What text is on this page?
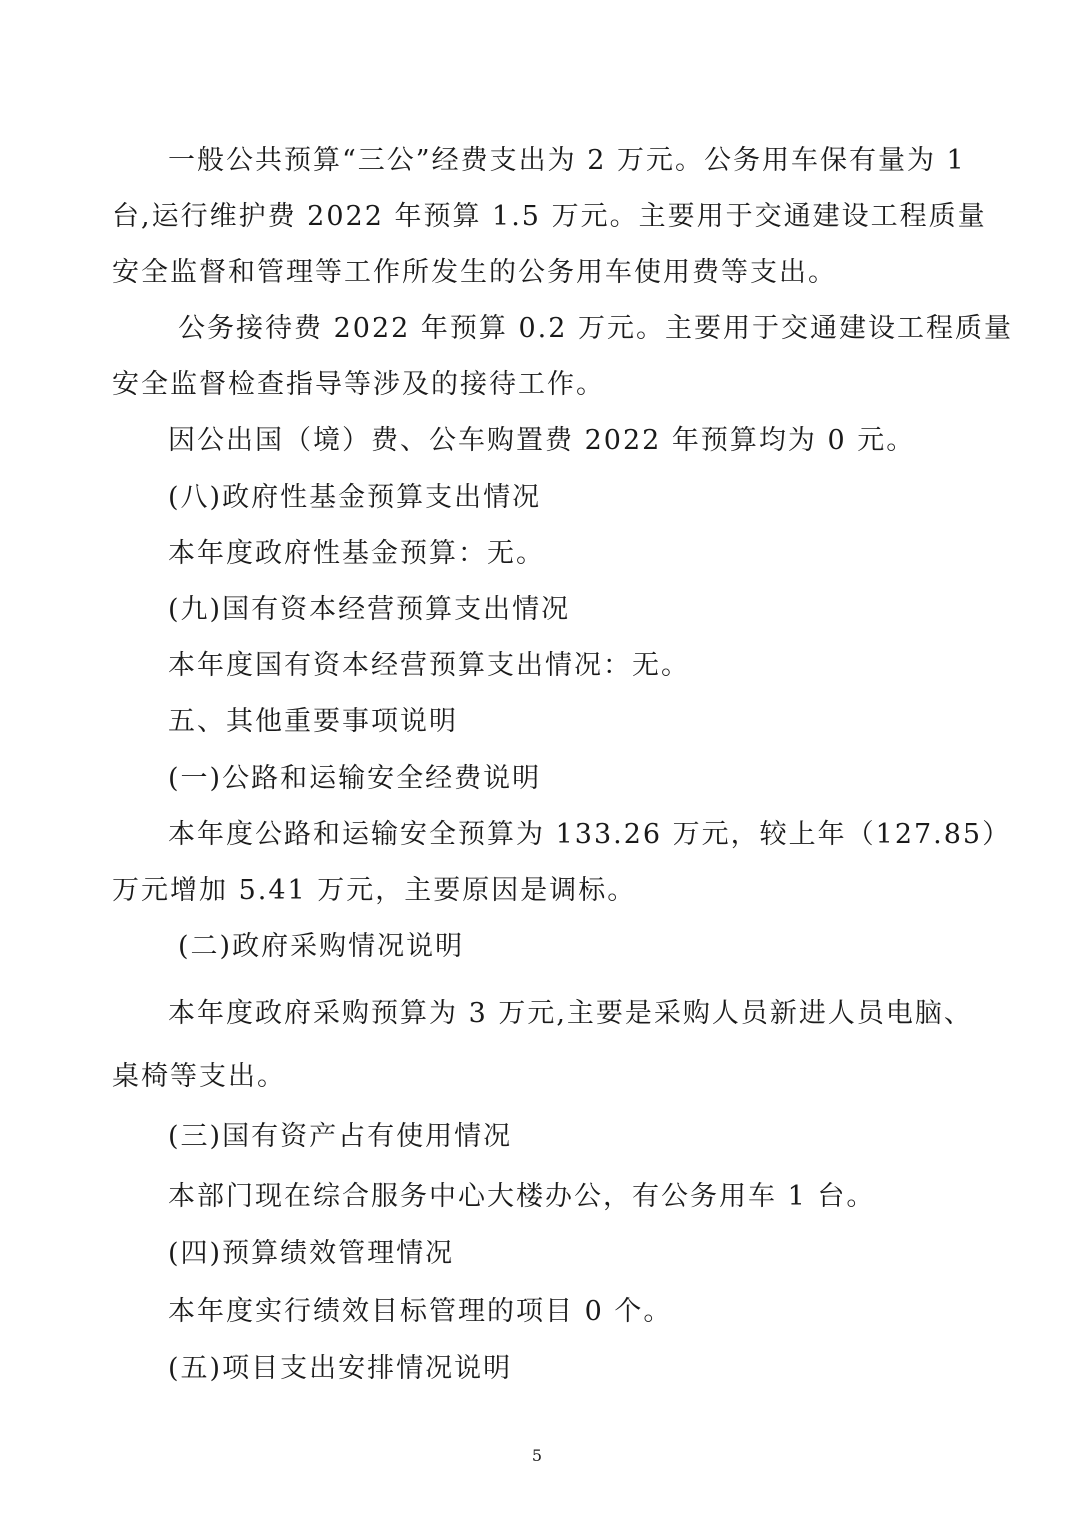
一般公共预算“三公”经费支出为 2 万元。公务用车保有量为 1
台,运行维护费 2022 年预算 1.5 万元。主要用于交通建设工程质量
安全监督和管理等工作所发生的公务用车使用费等支出。
公务接待费 2022 年预算 0.2 万元。主要用于交通建设工程质量
安全监督检查指导等涉及的接待工作。
因公出国（境）费、公车购置费 2022 年预算均为 0 元。
(八)政府性基金预算支出情况
本年度政府性基金预算：无。
(九)国有资本经营预算支出情况
本年度国有资本经营预算支出情况：无。
五、其他重要事项说明
(一)公路和运输安全经费说明
本年度公路和运输安全预算为 133.26 万元，较上年（127.85）
万元增加 5.41 万元，主要原因是调标。
(二)政府采购情况说明
本年度政府采购预算为 3 万元,主要是采购人员新进人员电脑、
桌椅等支出。
(三)国有资产占有使用情况
本部门现在综合服务中心大楼办公，有公务用车 1 台。
(四)预算绩效管理情况
本年度实行绩效目标管理的项目 0 个。
(五)项目支出安排情况说明
5
